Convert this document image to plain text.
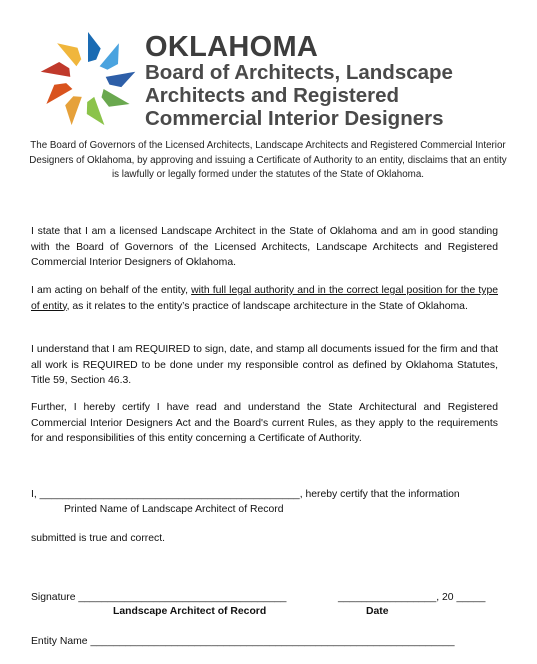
OKLAHOMA
Board of Architects, Landscape
Architects and Registered
Commercial Interior Designers
The Board of Governors of the Licensed Architects, Landscape Architects and Registered Commercial Interior Designers of Oklahoma, by approving and issuing a Certificate of Authority to an entity, disclaims that an entity is lawfully or legally formed under the statutes of the State of Oklahoma.
I state that I am a licensed Landscape Architect in the State of Oklahoma and am in good standing with the Board of Governors of the Licensed Architects, Landscape Architects and Registered Commercial Interior Designers of Oklahoma.
I am acting on behalf of the entity, with full legal authority and in the correct legal position for the type of entity, as it relates to the entity’s practice of landscape architecture in the State of Oklahoma.
I understand that I am REQUIRED to sign, date, and stamp all documents issued for the firm and that all work is REQUIRED to be done under my responsible control as defined by Oklahoma Statutes, Title 59, Section 46.3.
Further, I hereby certify I have read and understand the State Architectural and Registered Commercial Interior Designers Act and the Board's current Rules, as they apply to the requirements for and responsibilities of this entity concerning a Certificate of Authority.
I, _____________________________________________, hereby certify that the information
Printed Name of Landscape Architect of Record
submitted is true and correct.
Signature ____________________________________	_________________, 20 _____
Landscape Architect of Record	Date
Entity Name _______________________________________________________________
